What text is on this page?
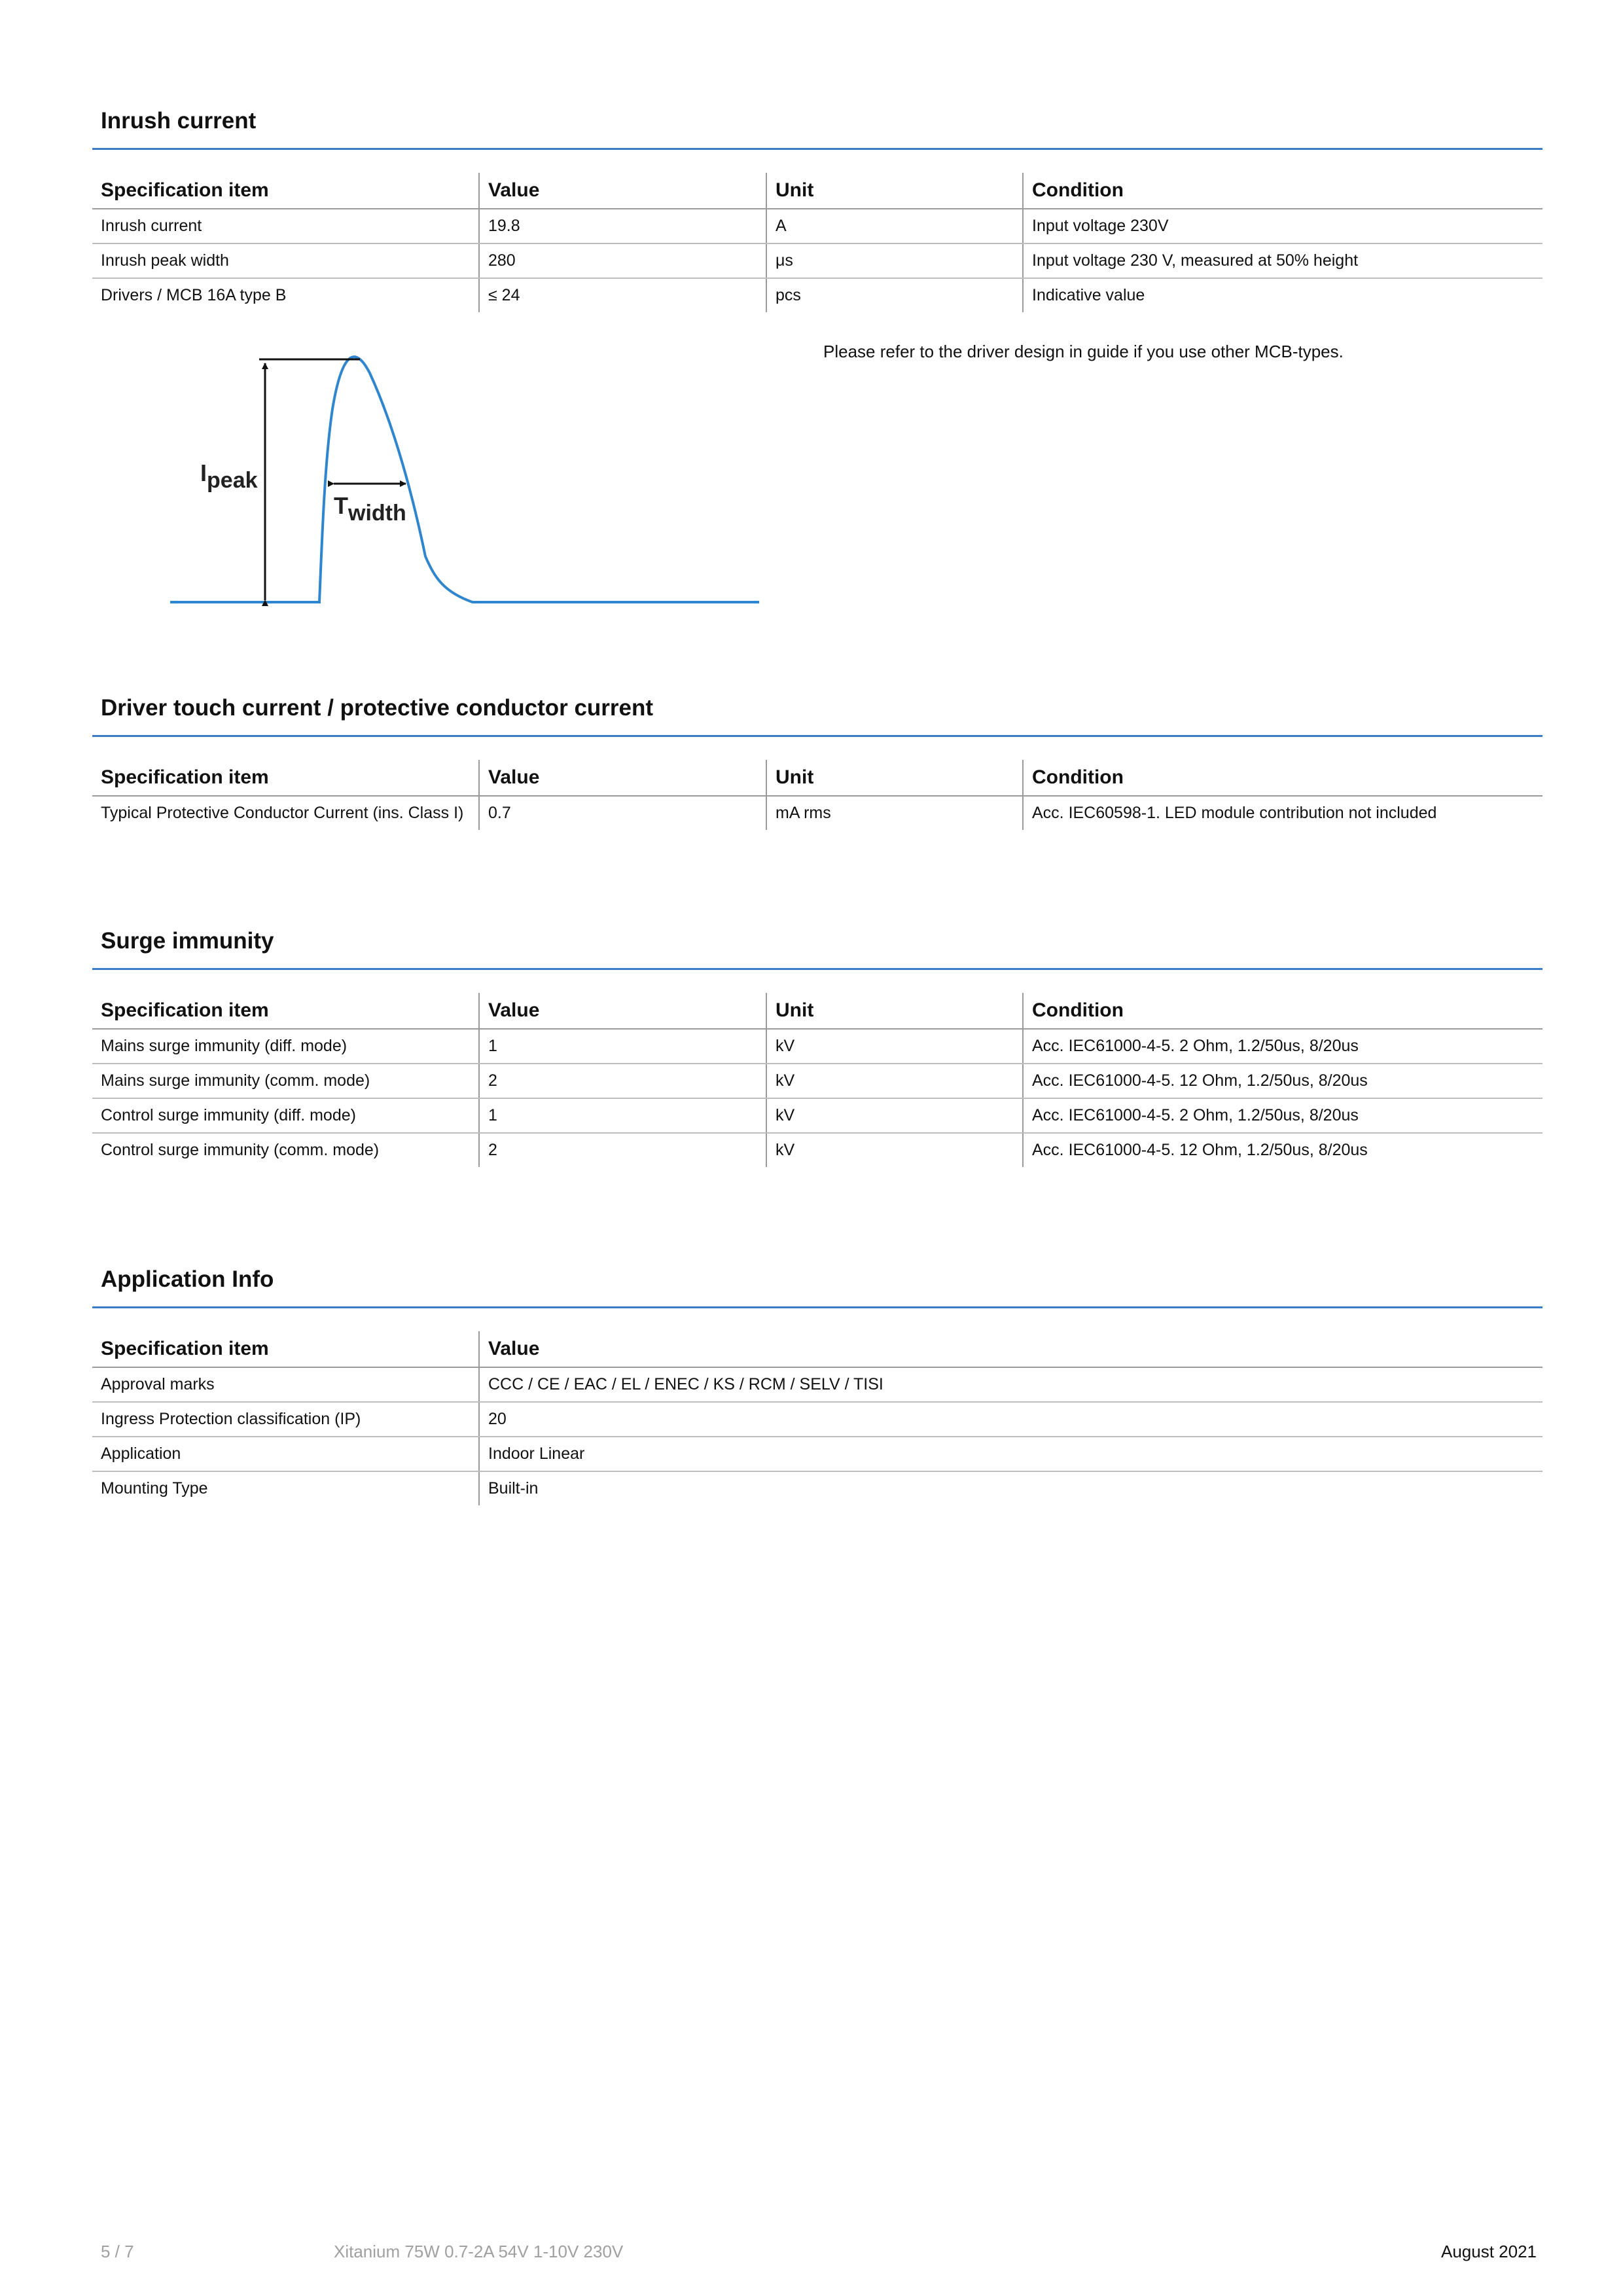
Inrush current
Specification item	Value	Unit	Condition
Inrush current	19.8	A	Input voltage 230V
Inrush peak width	280	μs	Input voltage 230 V, measured at 50% height
Drivers / MCB 16A type B	≤ 24	pcs	Indicative value
Please refer to the driver design in guide if you use other MCB-types.
Ipeak
Twidth
Driver touch current / protective conductor current
Specification item	Value	Unit	Condition
Typical Protective Conductor Current (ins. Class I)	0.7	mA rms	Acc. IEC60598-1. LED module contribution not included
Surge immunity
Specification item	Value	Unit	Condition
Mains surge immunity (diff. mode)	1	kV	Acc. IEC61000-4-5. 2 Ohm, 1.2/50us, 8/20us
Mains surge immunity (comm. mode)	2	kV	Acc. IEC61000-4-5. 12 Ohm, 1.2/50us, 8/20us
Control surge immunity (diff. mode)	1	kV	Acc. IEC61000-4-5. 2 Ohm, 1.2/50us, 8/20us
Control surge immunity (comm. mode)	2	kV	Acc. IEC61000-4-5. 12 Ohm, 1.2/50us, 8/20us
Application Info
Specification item	Value
Approval marks	CCC / CE / EAC / EL / ENEC / KS / RCM / SELV / TISI
Ingress Protection classification (IP)	20
Application	Indoor Linear
Mounting Type	Built-in
5 / 7	Xitanium 75W 0.7-2A 54V 1-10V 230V	August 2021
